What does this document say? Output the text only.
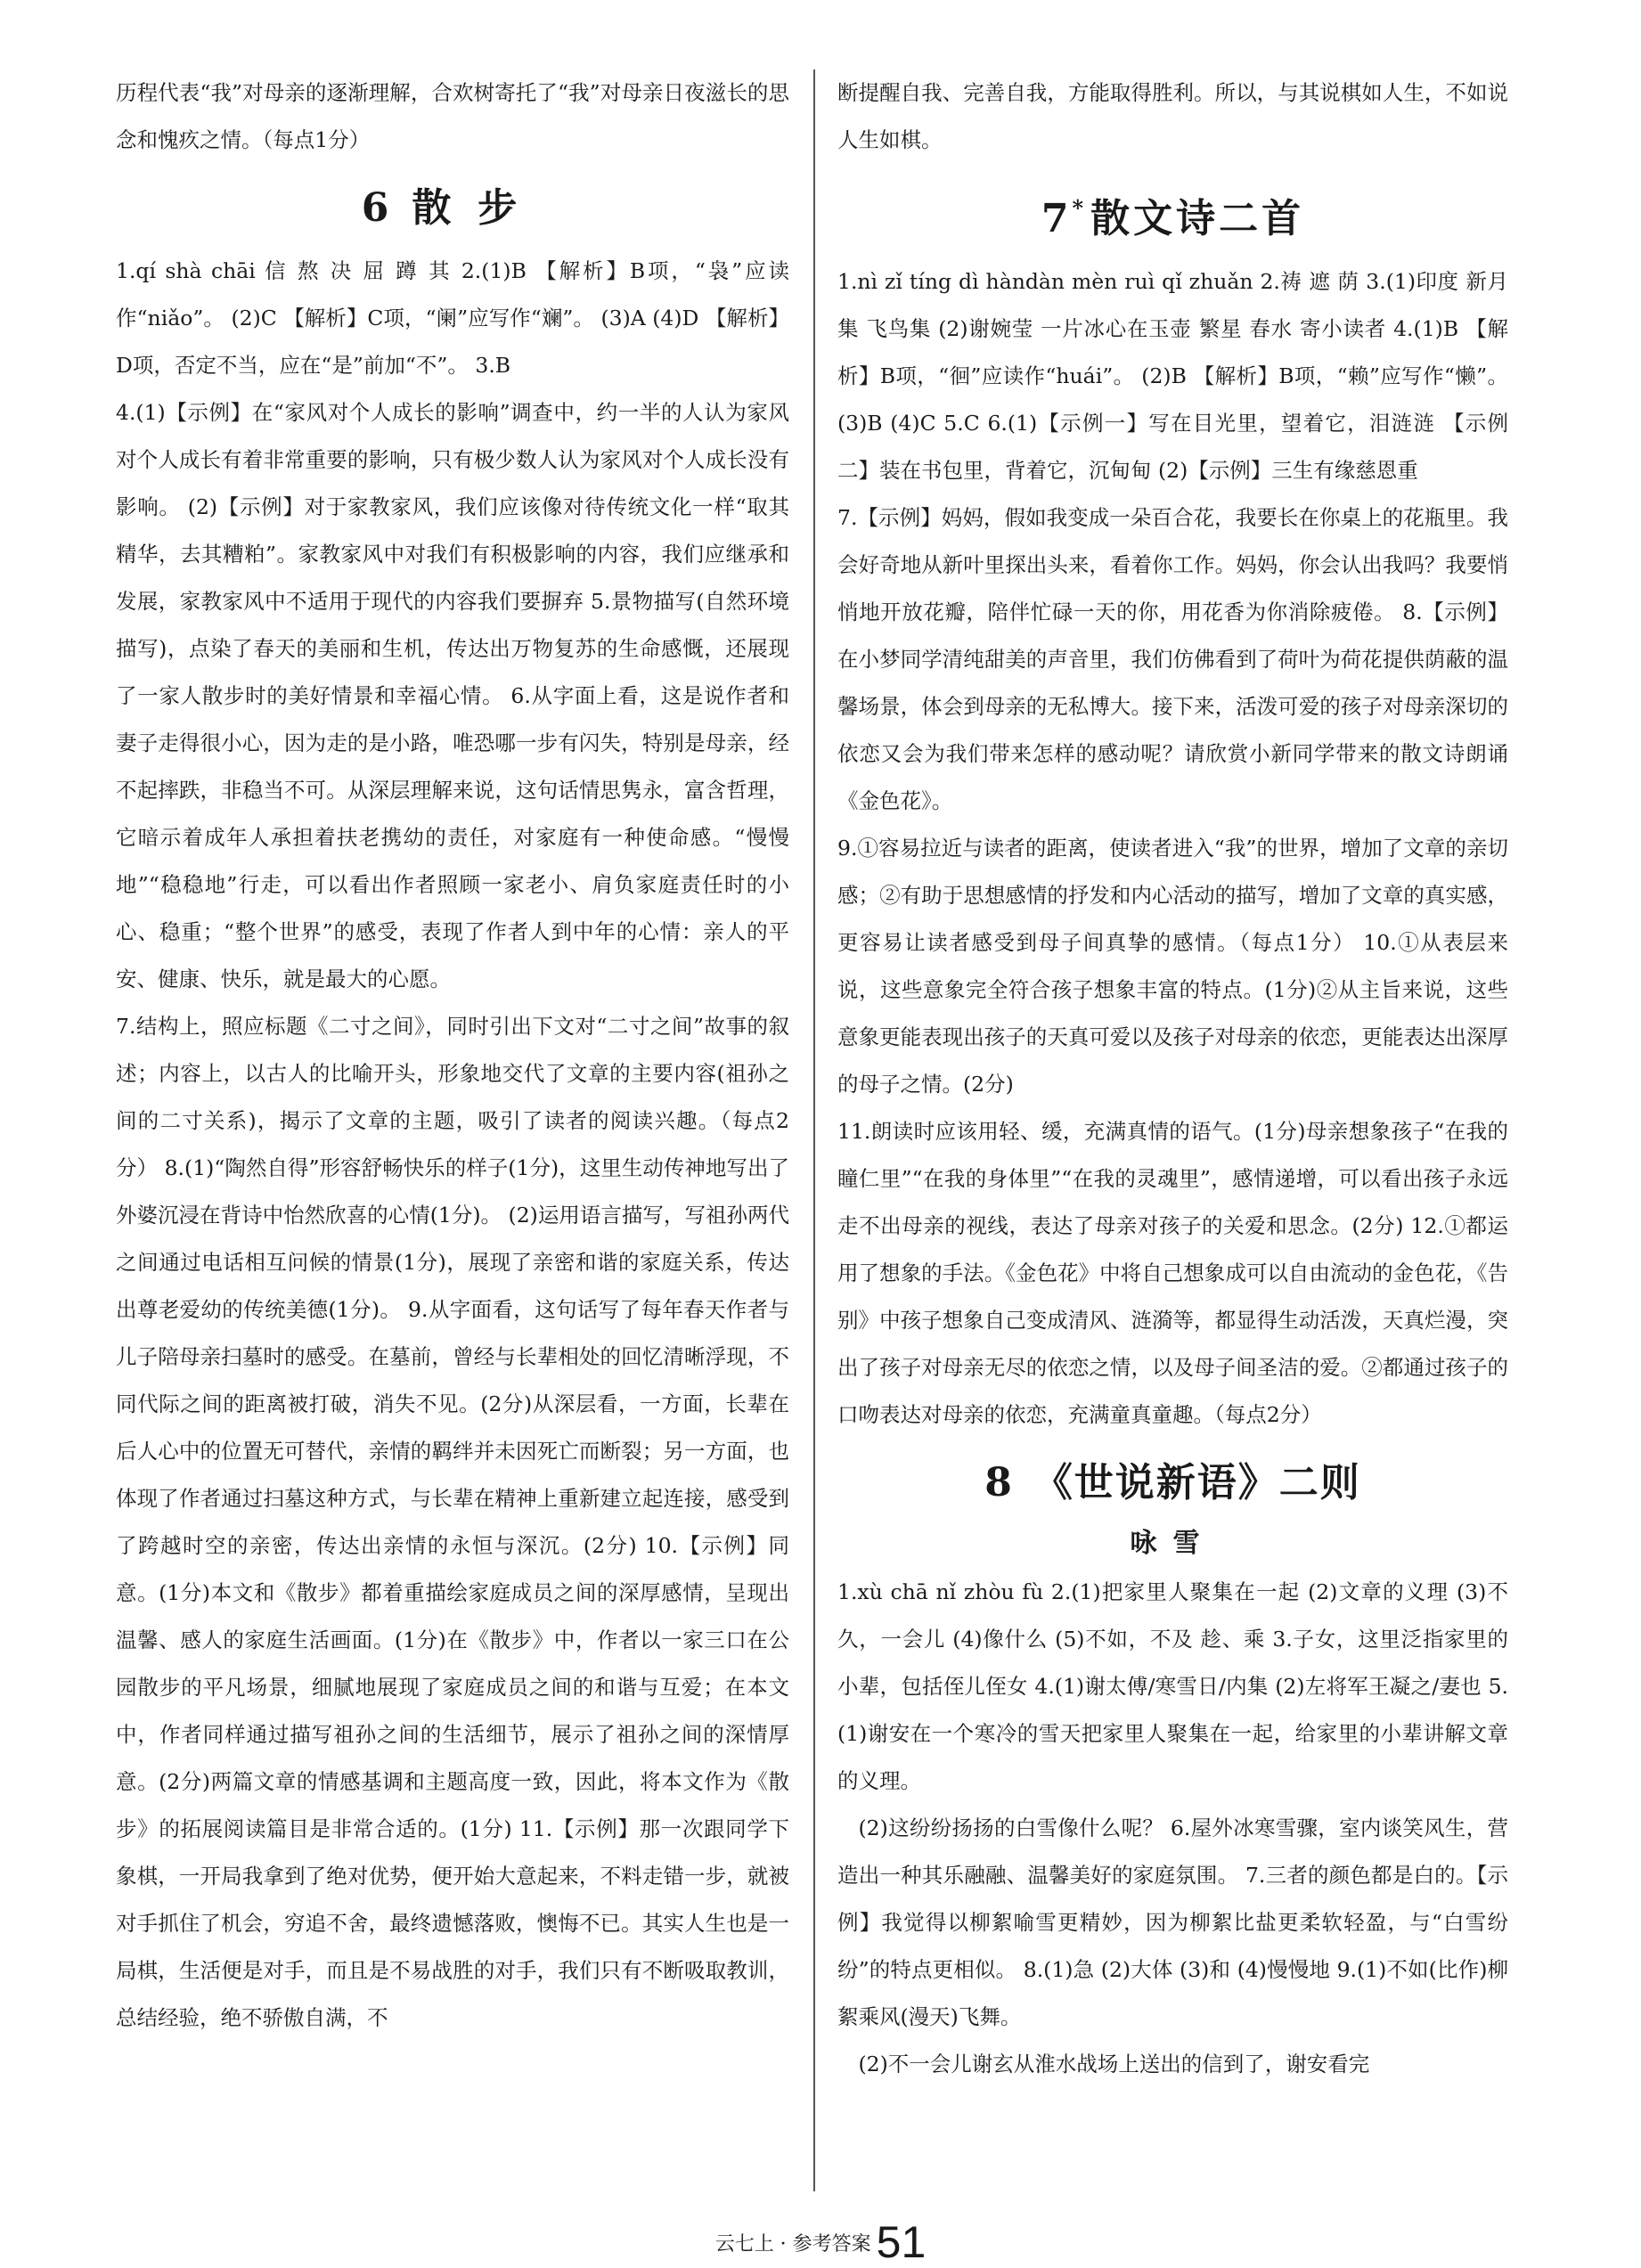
历程代表“我”对母亲的逐渐理解，合欢树寄托了“我”对母亲日夜滋长的思念和愧疚之情。（每点1分）

6 散步

1.qí shà chāi 信 熬 决 屈 蹲 其 2.(1)B 【解析】B项，“袅”应读作“niǎo”。 (2)C 【解析】C项，“阑”应写作“斓”。 (3)A (4)D 【解析】D项，否定不当，应在“是”前加“不”。 3.B

4.(1)【示例】在“家风对个人成长的影响”调查中，约一半的人认为家风对个人成长有着非常重要的影响，只有极少数人认为家风对个人成长没有影响。 (2)【示例】对于家教家风，我们应该像对待传统文化一样“取其精华，去其糟粕”。家教家风中对我们有积极影响的内容，我们应继承和发展，家教家风中不适用于现代的内容我们要摒弃 5.景物描写(自然环境描写)，点染了春天的美丽和生机，传达出万物复苏的生命感慨，还展现了一家人散步时的美好情景和幸福心情。 6.从字面上看，这是说作者和妻子走得很小心，因为走的是小路，唯恐哪一步有闪失，特别是母亲，经不起摔跌，非稳当不可。从深层理解来说，这句话情思隽永，富含哲理，它暗示着成年人承担着扶老携幼的责任，对家庭有一种使命感。“慢慢地”“稳稳地”行走，可以看出作者照顾一家老小、肩负家庭责任时的小心、稳重；“整个世界”的感受，表现了作者人到中年的心情：亲人的平安、健康、快乐，就是最大的心愿。

7.结构上，照应标题《二寸之间》，同时引出下文对“二寸之间”故事的叙述；内容上，以古人的比喻开头，形象地交代了文章的主要内容(祖孙之间的二寸关系)，揭示了文章的主题，吸引了读者的阅读兴趣。（每点2分） 8.(1)“陶然自得”形容舒畅快乐的样子(1分)，这里生动传神地写出了外婆沉浸在背诗中怡然欣喜的心情(1分)。 (2)运用语言描写，写祖孙两代之间通过电话相互问候的情景(1分)，展现了亲密和谐的家庭关系，传达出尊老爱幼的传统美德(1分)。 9.从字面看，这句话写了每年春天作者与儿子陪母亲扫墓时的感受。在墓前，曾经与长辈相处的回忆清晰浮现，不同代际之间的距离被打破，消失不见。(2分)从深层看，一方面，长辈在后人心中的位置无可替代，亲情的羁绊并未因死亡而断裂；另一方面，也体现了作者通过扫墓这种方式，与长辈在精神上重新建立起连接，感受到了跨越时空的亲密，传达出亲情的永恒与深沉。(2分) 10.【示例】同意。(1分)本文和《散步》都着重描绘家庭成员之间的深厚感情，呈现出温馨、感人的家庭生活画面。(1分)在《散步》中，作者以一家三口在公园散步的平凡场景，细腻地展现了家庭成员之间的和谐与互爱；在本文中，作者同样通过描写祖孙之间的生活细节，展示了祖孙之间的深情厚意。(2分)两篇文章的情感基调和主题高度一致，因此，将本文作为《散步》的拓展阅读篇目是非常合适的。(1分) 11.【示例】那一次跟同学下象棋，一开局我拿到了绝对优势，便开始大意起来，不料走错一步，就被对手抓住了机会，穷追不舍，最终遗憾落败，懊悔不已。其实人生也是一局棋，生活便是对手，而且是不易战胜的对手，我们只有不断吸取教训，总结经验，绝不骄傲自满，不

断提醒自我、完善自我，方能取得胜利。所以，与其说棋如人生，不如说人生如棋。

7* 散文诗二首

1.nì zǐ tíng dì hàndàn mèn ruì qǐ zhuǎn 2.祷 遮 荫 3.(1)印度 新月集 飞鸟集 (2)谢婉莹 一片冰心在玉壶 繁星 春水 寄小读者 4.(1)B 【解析】B项，“徊”应读作“huái”。 (2)B 【解析】B项，“赖”应写作“懒”。 (3)B (4)C 5.C 6.(1)【示例一】写在目光里，望着它，泪涟涟 【示例二】装在书包里，背着它，沉甸甸 (2)【示例】三生有缘慈恩重

7.【示例】妈妈，假如我变成一朵百合花，我要长在你桌上的花瓶里。我会好奇地从新叶里探出头来，看着你工作。妈妈，你会认出我吗？我要悄悄地开放花瓣，陪伴忙碌一天的你，用花香为你消除疲倦。 8.【示例】在小梦同学清纯甜美的声音里，我们仿佛看到了荷叶为荷花提供荫蔽的温馨场景，体会到母亲的无私博大。接下来，活泼可爱的孩子对母亲深切的依恋又会为我们带来怎样的感动呢？请欣赏小新同学带来的散文诗朗诵《金色花》。

9.①容易拉近与读者的距离，使读者进入“我”的世界，增加了文章的亲切感；②有助于思想感情的抒发和内心活动的描写，增加了文章的真实感，更容易让读者感受到母子间真挚的感情。（每点1分） 10.①从表层来说，这些意象完全符合孩子想象丰富的特点。(1分)②从主旨来说，这些意象更能表现出孩子的天真可爱以及孩子对母亲的依恋，更能表达出深厚的母子之情。(2分)

11.朗读时应该用轻、缓，充满真情的语气。(1分)母亲想象孩子“在我的瞳仁里”“在我的身体里”“在我的灵魂里”，感情递增，可以看出孩子永远走不出母亲的视线，表达了母亲对孩子的关爱和思念。(2分) 12.①都运用了想象的手法。《金色花》中将自己想象成可以自由流动的金色花，《告别》中孩子想象自己变成清风、涟漪等，都显得生动活泼，天真烂漫，突出了孩子对母亲无尽的依恋之情，以及母子间圣洁的爱。②都通过孩子的口吻表达对母亲的依恋，充满童真童趣。（每点2分）

8 《世说新语》二则
咏雪

1.xù chā nǐ zhòu fù 2.(1)把家里人聚集在一起 (2)文章的义理 (3)不久，一会儿 (4)像什么 (5)不如，不及 趁、乘 3.子女，这里泛指家里的小辈，包括侄儿侄女 4.(1)谢太傅/寒雪日/内集 (2)左将军王凝之/妻也 5.(1)谢安在一个寒冷的雪天把家里人聚集在一起，给家里的小辈讲解文章的义理。

(2)这纷纷扬扬的白雪像什么呢？ 6.屋外冰寒雪骤，室内谈笑风生，营造出一种其乐融融、温馨美好的家庭氛围。 7.三者的颜色都是白的。【示例】我觉得以柳絮喻雪更精妙，因为柳絮比盐更柔软轻盈，与“白雪纷纷”的特点更相似。 8.(1)急 (2)大体 (3)和 (4)慢慢地 9.(1)不如(比作)柳絮乘风(漫天)飞舞。

(2)不一会儿谢玄从淮水战场上送出的信到了，谢安看完

云七上 · 参考答案 51
